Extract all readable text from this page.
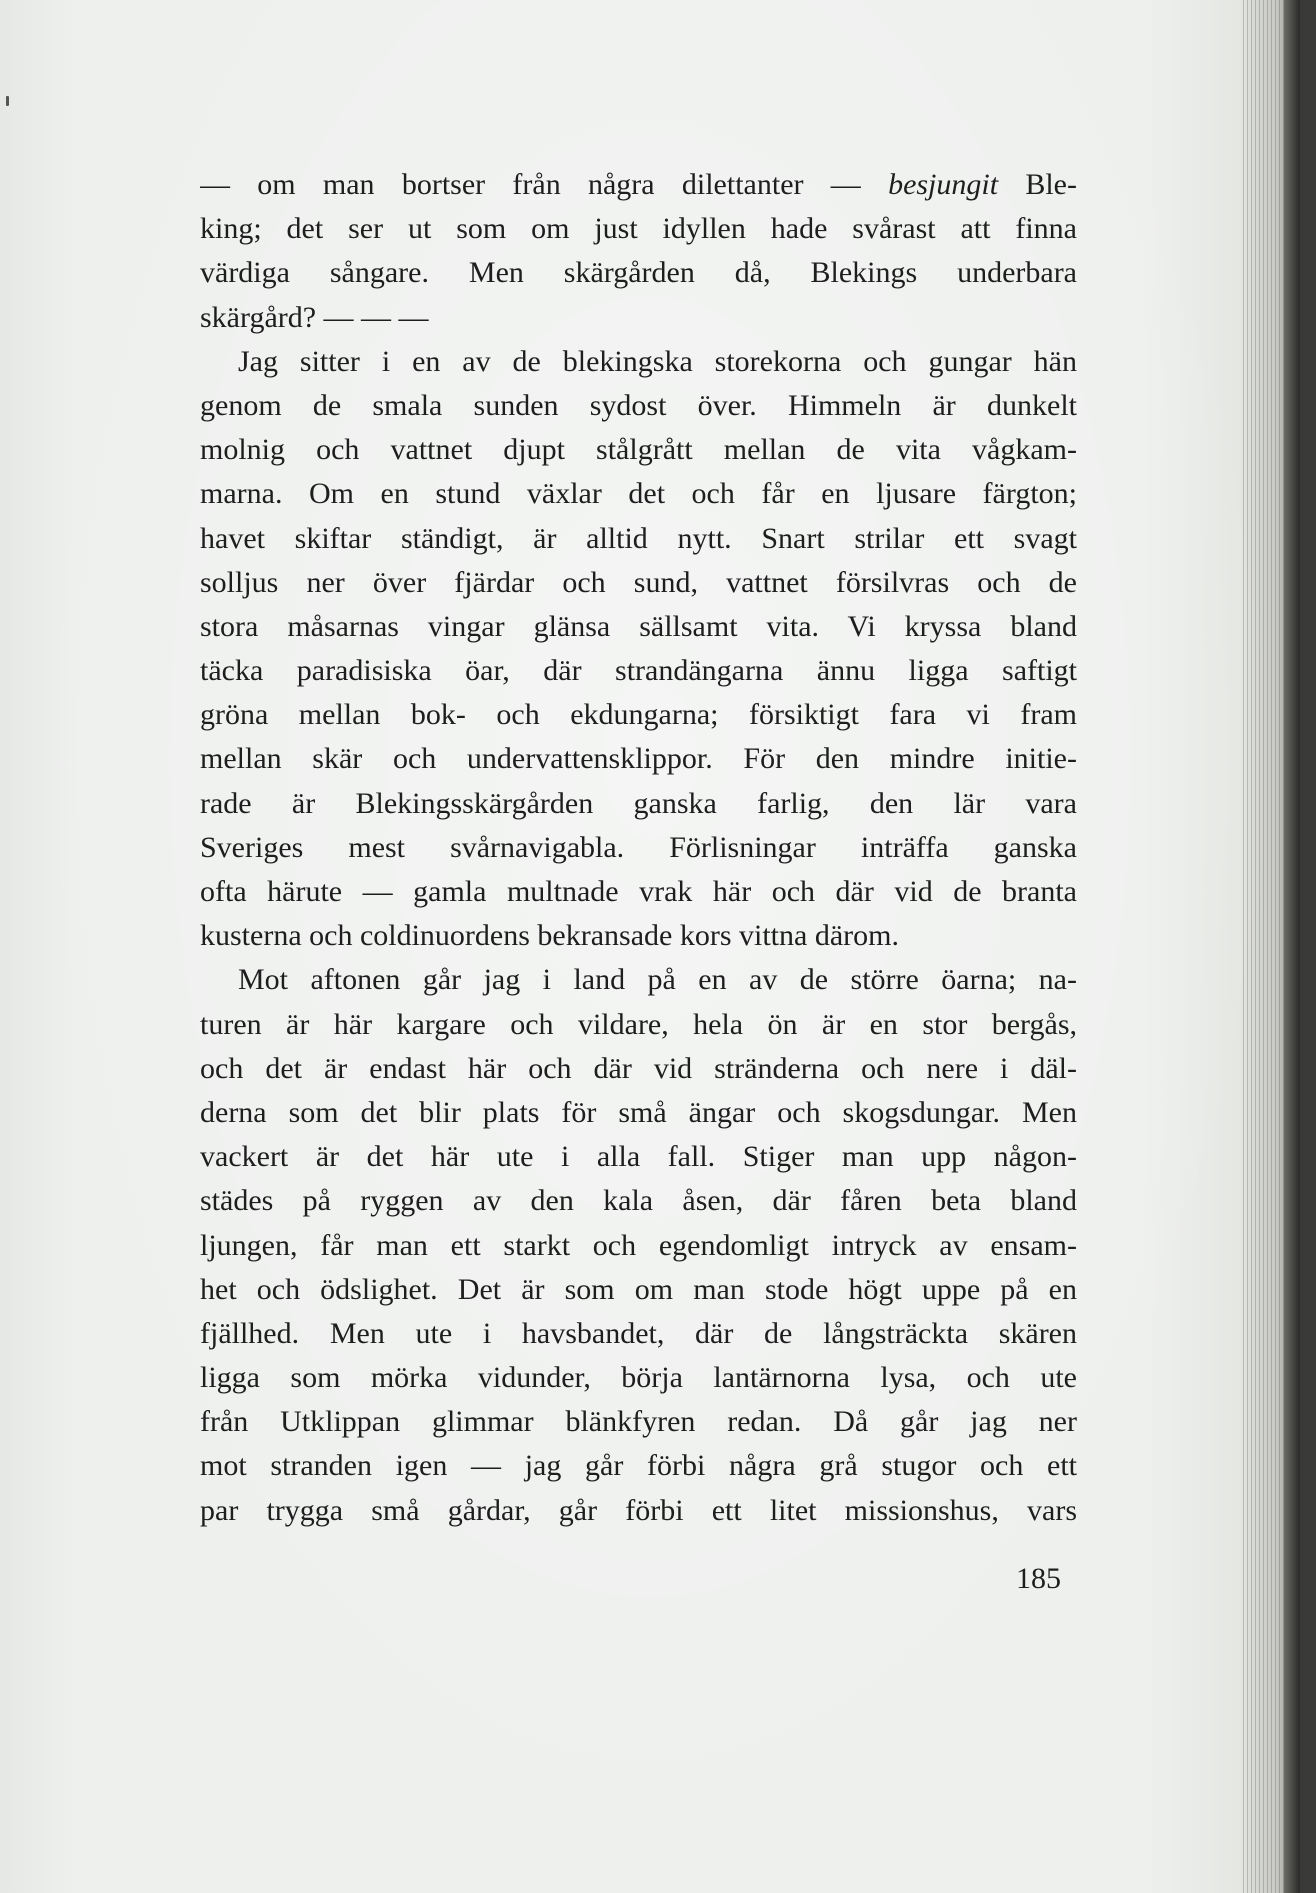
— om man bortser från några dilettanter — besjungit Ble-
king; det ser ut som om just idyllen hade svårast att finna
värdiga sångare. Men skärgården då, Blekings underbara
skärgård? — — —
Jag sitter i en av de blekingska storekorna och gungar hän
genom de smala sunden sydost över. Himmeln är dunkelt
molnig och vattnet djupt stålgrått mellan de vita vågkam-
marna. Om en stund växlar det och får en ljusare färgton;
havet skiftar ständigt, är alltid nytt. Snart strilar ett svagt
solljus ner över fjärdar och sund, vattnet försilvras och de
stora måsarnas vingar glänsa sällsamt vita. Vi kryssa bland
täcka paradisiska öar, där strandängarna ännu ligga saftigt
gröna mellan bok- och ekdungarna; försiktigt fara vi fram
mellan skär och undervattensklippor. För den mindre initie-
rade är Blekingsskärgården ganska farlig, den lär vara
Sveriges mest svårnavigabla. Förlisningar inträffa ganska
ofta härute — gamla multnade vrak här och där vid de branta
kusterna och coldinuordens bekransade kors vittna därom.
Mot aftonen går jag i land på en av de större öarna; na-
turen är här kargare och vildare, hela ön är en stor bergås,
och det är endast här och där vid stränderna och nere i däl-
derna som det blir plats för små ängar och skogsdungar. Men
vackert är det här ute i alla fall. Stiger man upp någon-
städes på ryggen av den kala åsen, där fåren beta bland
ljungen, får man ett starkt och egendomligt intryck av ensam-
het och ödslighet. Det är som om man stode högt uppe på en
fjällhed. Men ute i havsbandet, där de långsträckta skären
ligga som mörka vidunder, börja lantärnorna lysa, och ute
från Utklippan glimmar blänkfyren redan. Då går jag ner
mot stranden igen — jag går förbi några grå stugor och ett
par trygga små gårdar, går förbi ett litet missionshus, vars
185
